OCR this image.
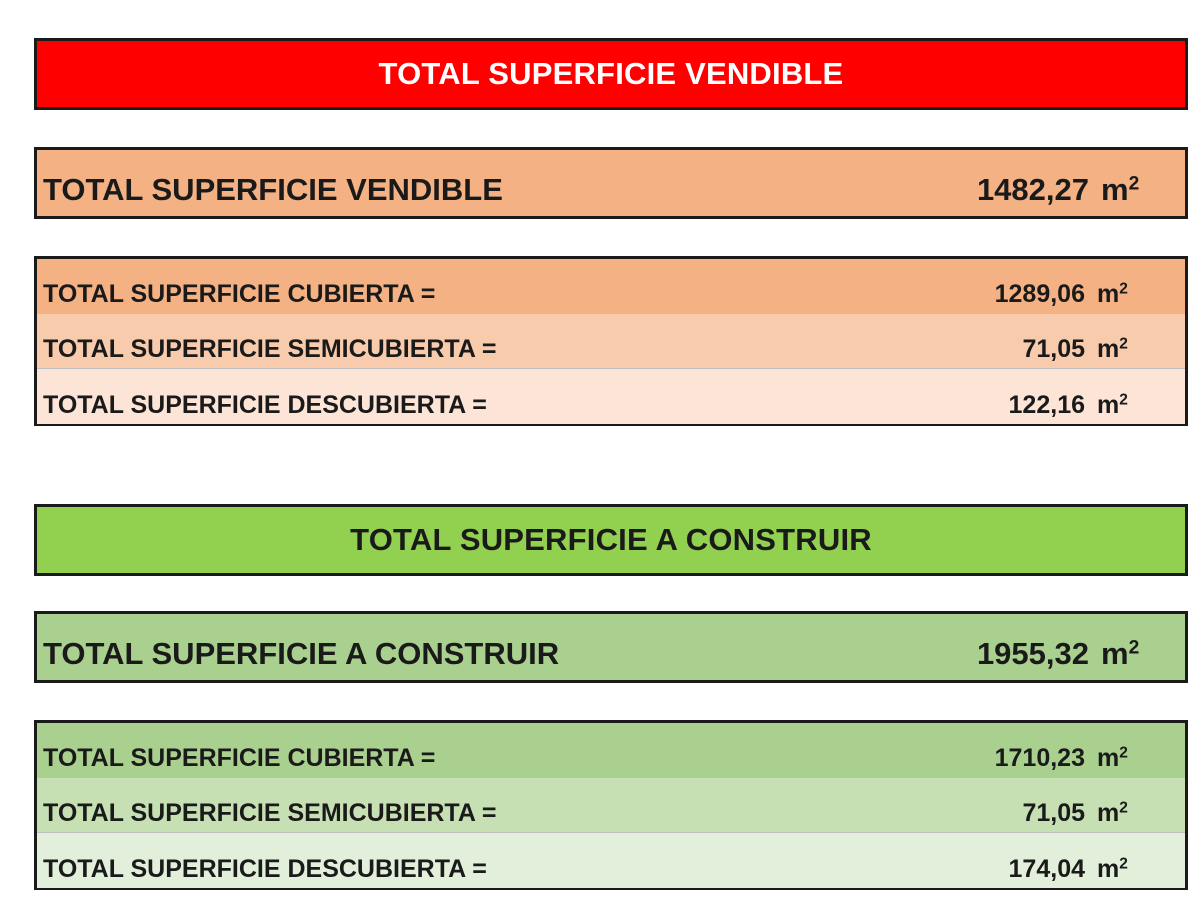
TOTAL SUPERFICIE VENDIBLE
TOTAL SUPERFICIE VENDIBLE	1482,27 $m^2$
TOTAL SUPERFICIE CUBIERTA =	1289,06 $m^2$
TOTAL SUPERFICIE SEMICUBIERTA =	71,05 $m^2$
TOTAL SUPERFICIE DESCUBIERTA =	122,16 $m^2$
TOTAL SUPERFICIE A CONSTRUIR
TOTAL SUPERFICIE A CONSTRUIR	1955,32 $m^2$
TOTAL SUPERFICIE CUBIERTA =	1710,23 $m^2$
TOTAL SUPERFICIE SEMICUBIERTA =	71,05 $m^2$
TOTAL SUPERFICIE DESCUBIERTA =	174,04 $m^2$
